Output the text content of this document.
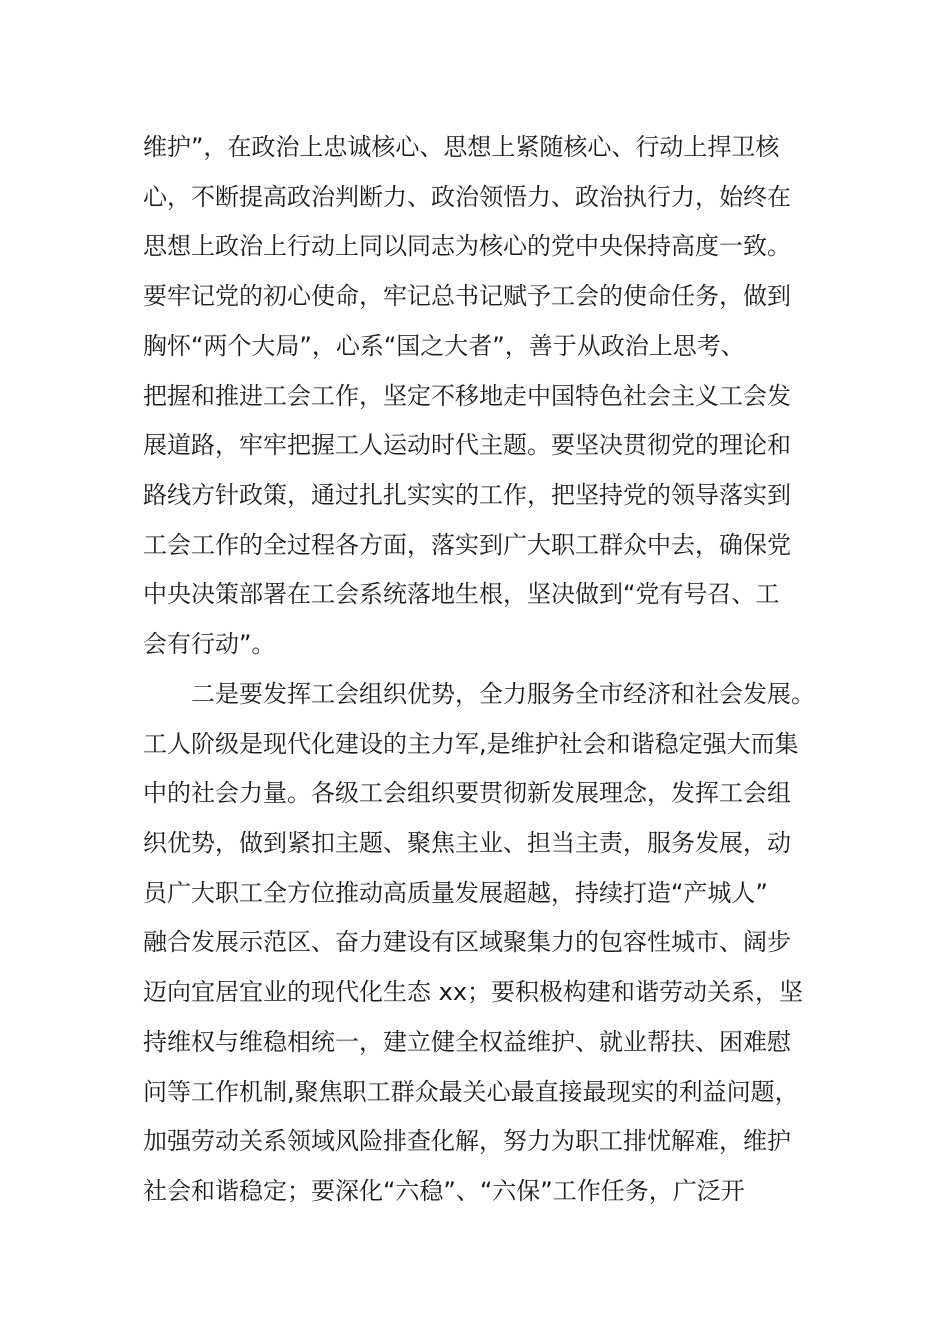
维护”，在政治上忠诚核心、思想上紧随核心、行动上捍卫核
心，不断提高政治判断力、政治领悟力、政治执行力，始终在
思想上政治上行动上同以同志为核心的党中央保持高度一致。
要牢记党的初心使命，牢记总书记赋予工会的使命任务，做到
胸怀“两个大局”，心系“国之大者”，善于从政治上思考、
把握和推进工会工作，坚定不移地走中国特色社会主义工会发
展道路，牢牢把握工人运动时代主题。要坚决贯彻党的理论和
路线方针政策，通过扎扎实实的工作，把坚持党的领导落实到
工会工作的全过程各方面，落实到广大职工群众中去，确保党
中央决策部署在工会系统落地生根，坚决做到“党有号召、工
会有行动”。
二是要发挥工会组织优势，全力服务全市经济和社会发展。
工人阶级是现代化建设的主力军,是维护社会和谐稳定强大而集
中的社会力量。各级工会组织要贯彻新发展理念，发挥工会组
织优势，做到紧扣主题、聚焦主业、担当主责，服务发展，动
员广大职工全方位推动高质量发展超越，持续打造“产城人”
融合发展示范区、奋力建设有区域聚集力的包容性城市、阔步
迈向宜居宜业的现代化生态 xx；要积极构建和谐劳动关系，坚
持维权与维稳相统一，建立健全权益维护、就业帮扶、困难慰
问等工作机制,聚焦职工群众最关心最直接最现实的利益问题，
加强劳动关系领域风险排查化解，努力为职工排忧解难，维护
社会和谐稳定；要深化“六稳”、“六保”工作任务，广泛开
